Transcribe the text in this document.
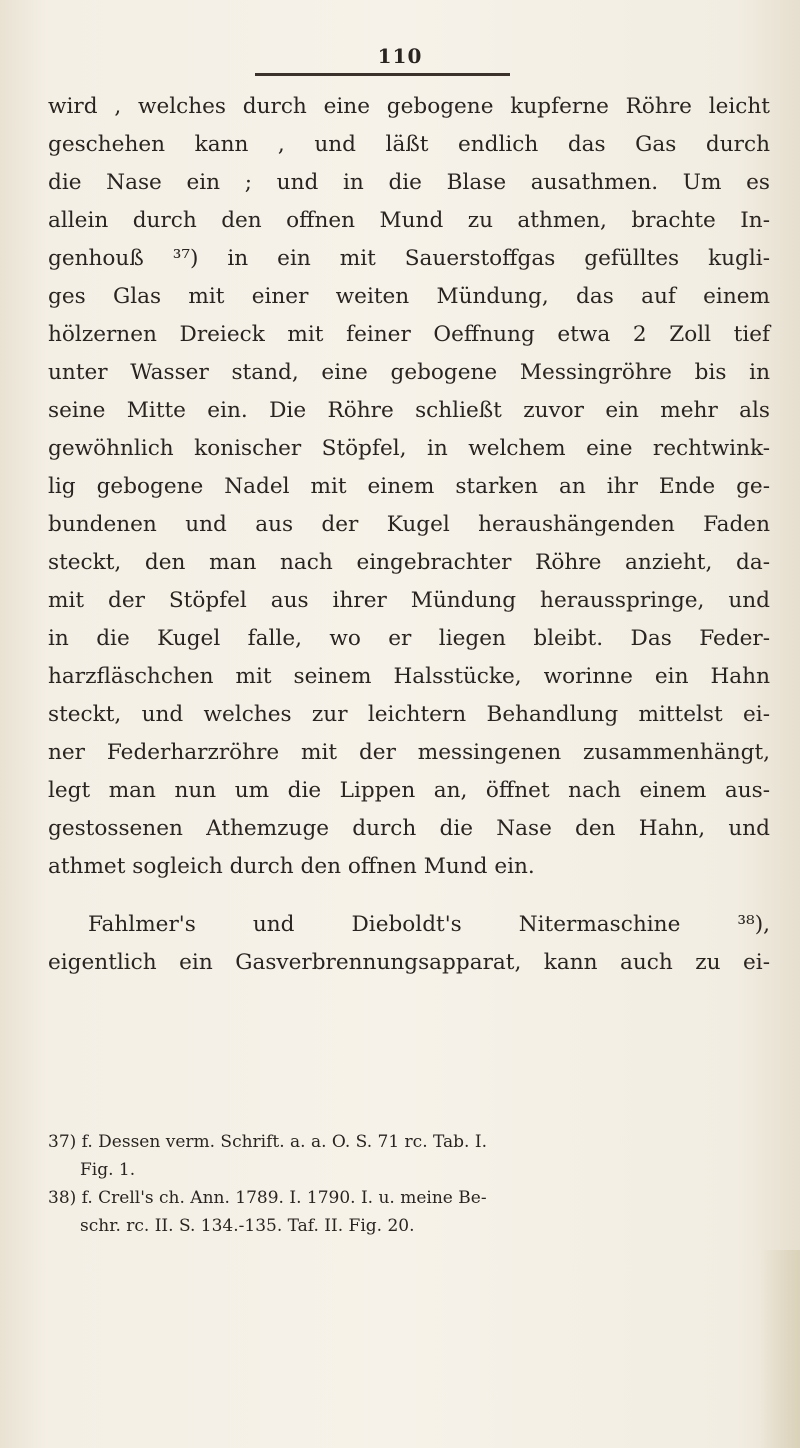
110
wird , welches durch eine gebogene kupferne Röhre leicht
geschehen kann , und läßt endlich das Gas durch
die Nase ein ; und in die Blase ausathmen. Um es
allein durch den offnen Mund zu athmen, brachte In-
genhouß ³⁷) in ein mit Sauerstoffgas gefülltes kugli-
ges Glas mit einer weiten Mündung, das auf einem
hölzernen Dreieck mit feiner Oeffnung etwa 2 Zoll tief
unter Wasser stand, eine gebogene Messingröhre bis in
seine Mitte ein. Die Röhre schließt zuvor ein mehr als
gewöhnlich konischer Stöpfel, in welchem eine rechtwink-
lig gebogene Nadel mit einem starken an ihr Ende ge-
bundenen und aus der Kugel heraushängenden Faden
steckt, den man nach eingebrachter Röhre anzieht, da-
mit der Stöpfel aus ihrer Mündung herausspringe, und
in die Kugel falle, wo er liegen bleibt. Das Feder-
harzfläschchen mit seinem Halsstücke, worinne ein Hahn
steckt, und welches zur leichtern Behandlung mittelst ei-
ner Federharzröhre mit der messingenen zusammenhängt,
legt man nun um die Lippen an, öffnet nach einem aus-
gestossenen Athemzuge durch die Nase den Hahn, und
athmet sogleich durch den offnen Mund ein.
Fahlmer's und Dieboldt's Nitermaschine ³⁸),
eigentlich ein Gasverbrennungsapparat, kann auch zu ei-
37) f. Dessen verm. Schrift. a. a. O. S. 71 rc. Tab. I.
Fig. 1.
38) f. Crell's ch. Ann. 1789. I. 1790. I. u. meine Be-
schr. rc. II. S. 134.-135. Taf. II. Fig. 20.
